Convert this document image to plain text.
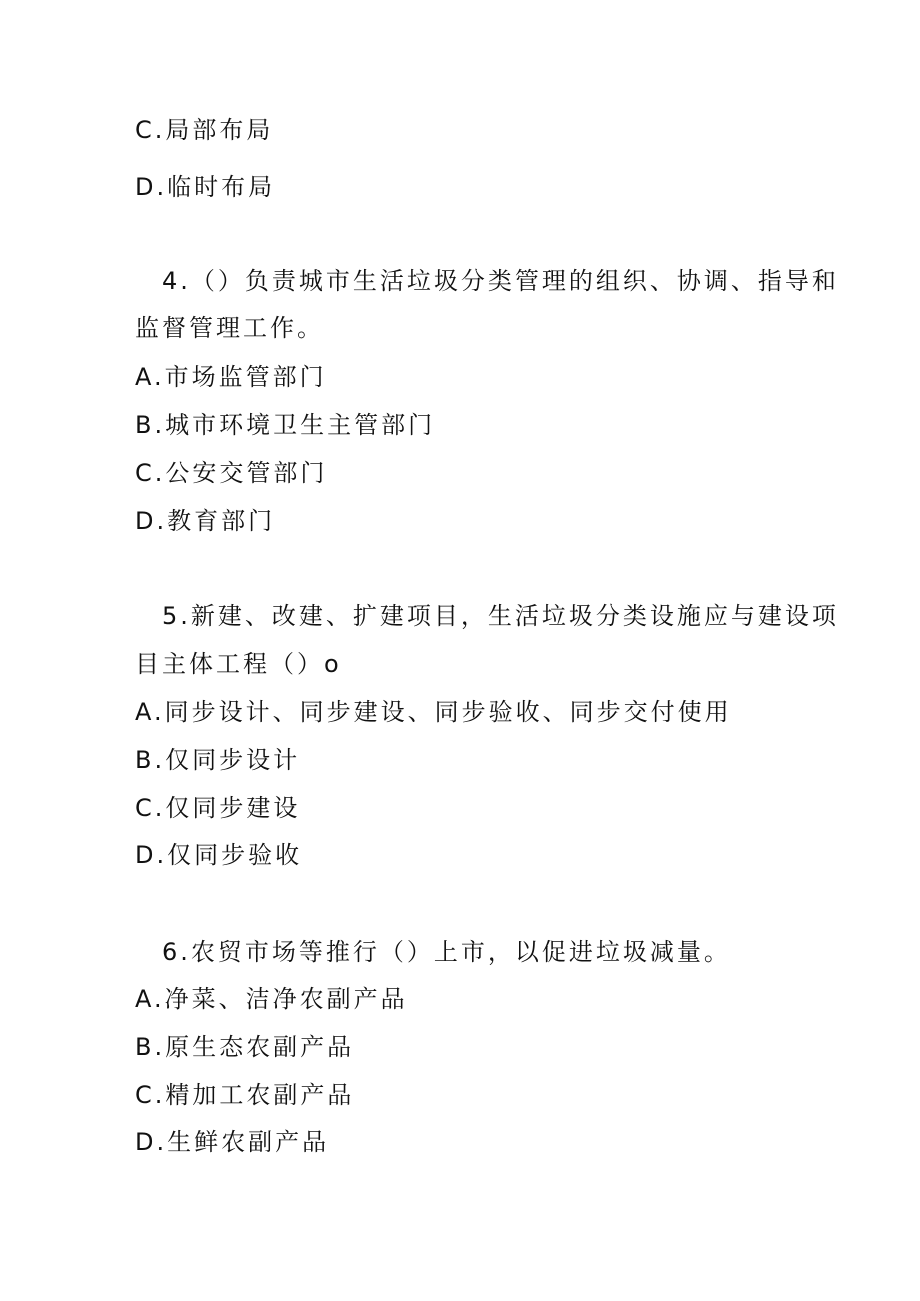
C.局部布局
D.临时布局
4.（）负责城市生活垃圾分类管理的组织、协调、指导和
监督管理工作。
A.市场监管部门
B.城市环境卫生主管部门
C.公安交管部门
D.教育部门
5.新建、改建、扩建项目，生活垃圾分类设施应与建设项
目主体工程（）o
A.同步设计、同步建设、同步验收、同步交付使用
B.仅同步设计
C.仅同步建设
D.仅同步验收
6.农贸市场等推行（）上市，以促进垃圾减量。
A.净菜、洁净农副产品
B.原生态农副产品
C.精加工农副产品
D.生鲜农副产品
